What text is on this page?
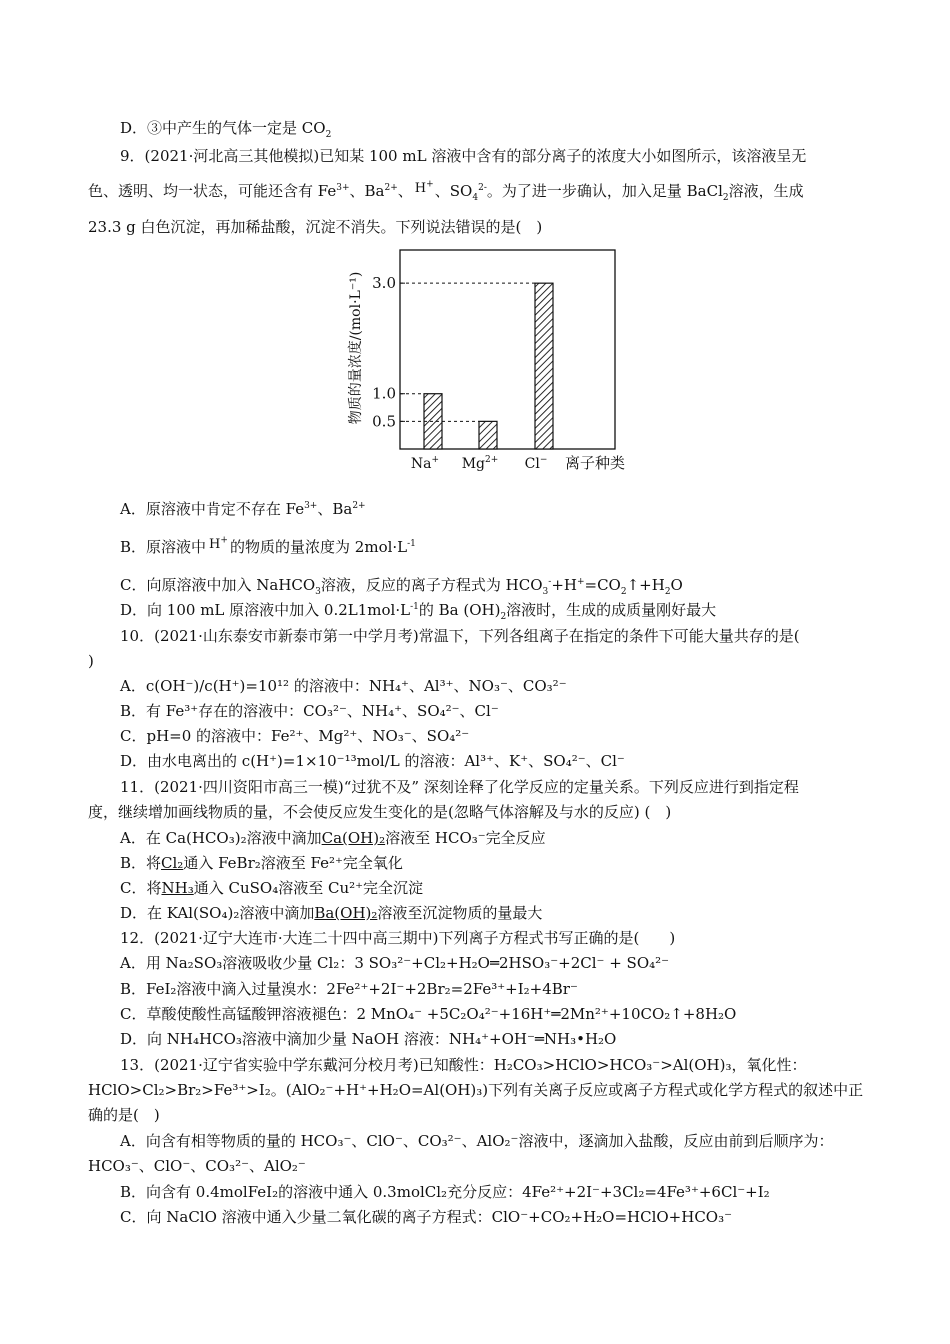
D．③中产生的气体一定是 $CO_2$
9．(2021·河北高三其他模拟)已知某 100 mL 溶液中含有的部分离子的浓度大小如图所示，该溶液呈无
色、透明、均一状态，可能还含有 $Fe^{3+}$、$Ba^{2+}$、 H+ 、$SO_4^{2-}$。为了进一步确认，加入足量 BaCl$_2$溶液，生成
23.3 g 白色沉淀，再加稀盐酸，沉淀不消失。下列说法错误的是(　)
0.5
1.0
3.0
Na+ $Mg^{2+}$ Cl− 离子种类
物质的量浓度/(mol·L⁻¹)
A．原溶液中肯定不存在 $Fe^{3+}$、$Ba^{2+}$
B．原溶液中 H+ 的物质的量浓度为 $2mol\cdot L^{-1}$
C．向原溶液中加入 NaHCO$_3$溶液，反应的离子方程式为 $HCO_3^-+H^+=CO_2↑+H_2O$
D．向 100 mL 原溶液中加入 $0.2L1mol\cdot L^{-1}$的 Ba $(OH)_2$溶液时，生成的成质量刚好最大
10．(2021·山东泰安市新泰市第一中学月考)常温下，下列各组离子在指定的条件下可能大量共存的是(
)
A．c(OH⁻)/c(H⁺)=10¹² 的溶液中：NH₄⁺、Al³⁺、NO₃⁻、CO₃²⁻
B．有 Fe³⁺存在的溶液中：CO₃²⁻、NH₄⁺、SO₄²⁻、Cl⁻
C．pH=0 的溶液中：Fe²⁺、Mg²⁺、NO₃⁻、SO₄²⁻
D．由水电离出的 c(H⁺)=1×10⁻¹³mol/L 的溶液：Al³⁺、K⁺、SO₄²⁻、Cl⁻
11．(2021·四川资阳市高三一模)“过犹不及” 深刻诠释了化学反应的定量关系。下列反应进行到指定程
度，继续增加画线物质的量，不会使反应发生变化的是(忽略气体溶解及与水的反应) (　)
A．在 Ca(HCO₃)₂溶液中滴加Ca(OH)₂溶液至 HCO₃⁻完全反应
B．将Cl₂通入 FeBr₂溶液至 Fe²⁺完全氧化
C．将NH₃通入 CuSO₄溶液至 Cu²⁺完全沉淀
D．在 KAl(SO₄)₂溶液中滴加Ba(OH)₂溶液至沉淀物质的量最大
12．(2021·辽宁大连市·大连二十四中高三期中)下列离子方程式书写正确的是(　　)
A．用 Na₂SO₃溶液吸收少量 Cl₂：3 SO₃²⁻+Cl₂+H₂O═2HSO₃⁻+2Cl⁻ + SO₄²⁻
B．FeI₂溶液中滴入过量溴水：2Fe²⁺+2I⁻+2Br₂=2Fe³⁺+I₂+4Br⁻
C．草酸使酸性高锰酸钾溶液褪色：2 MnO₄⁻ +5C₂O₄²⁻+16H⁺═2Mn²⁺+10CO₂↑+8H₂O
D．向 NH₄HCO₃溶液中滴加少量 NaOH 溶液：NH₄⁺+OH⁻═NH₃•H₂O
13．(2021·辽宁省实验中学东戴河分校月考)已知酸性：H₂CO₃>HClO>HCO₃⁻>Al(OH)₃，氧化性：
HClO>Cl₂>Br₂>Fe³⁺>I₂。(AlO₂⁻+H⁺+H₂O=Al(OH)₃)下列有关离子反应或离子方程式或化学方程式的叙述中正
确的是(　)
A．向含有相等物质的量的 HCO₃⁻、ClO⁻、CO₃²⁻、AlO₂⁻溶液中，逐滴加入盐酸，反应由前到后顺序为：
HCO₃⁻、ClO⁻、CO₃²⁻、AlO₂⁻
B．向含有 0.4molFeI₂的溶液中通入 0.3molCl₂充分反应：4Fe²⁺+2I⁻+3Cl₂=4Fe³⁺+6Cl⁻+I₂
C．向 NaClO 溶液中通入少量二氧化碳的离子方程式：ClO⁻+CO₂+H₂O=HClO+HCO₃⁻
